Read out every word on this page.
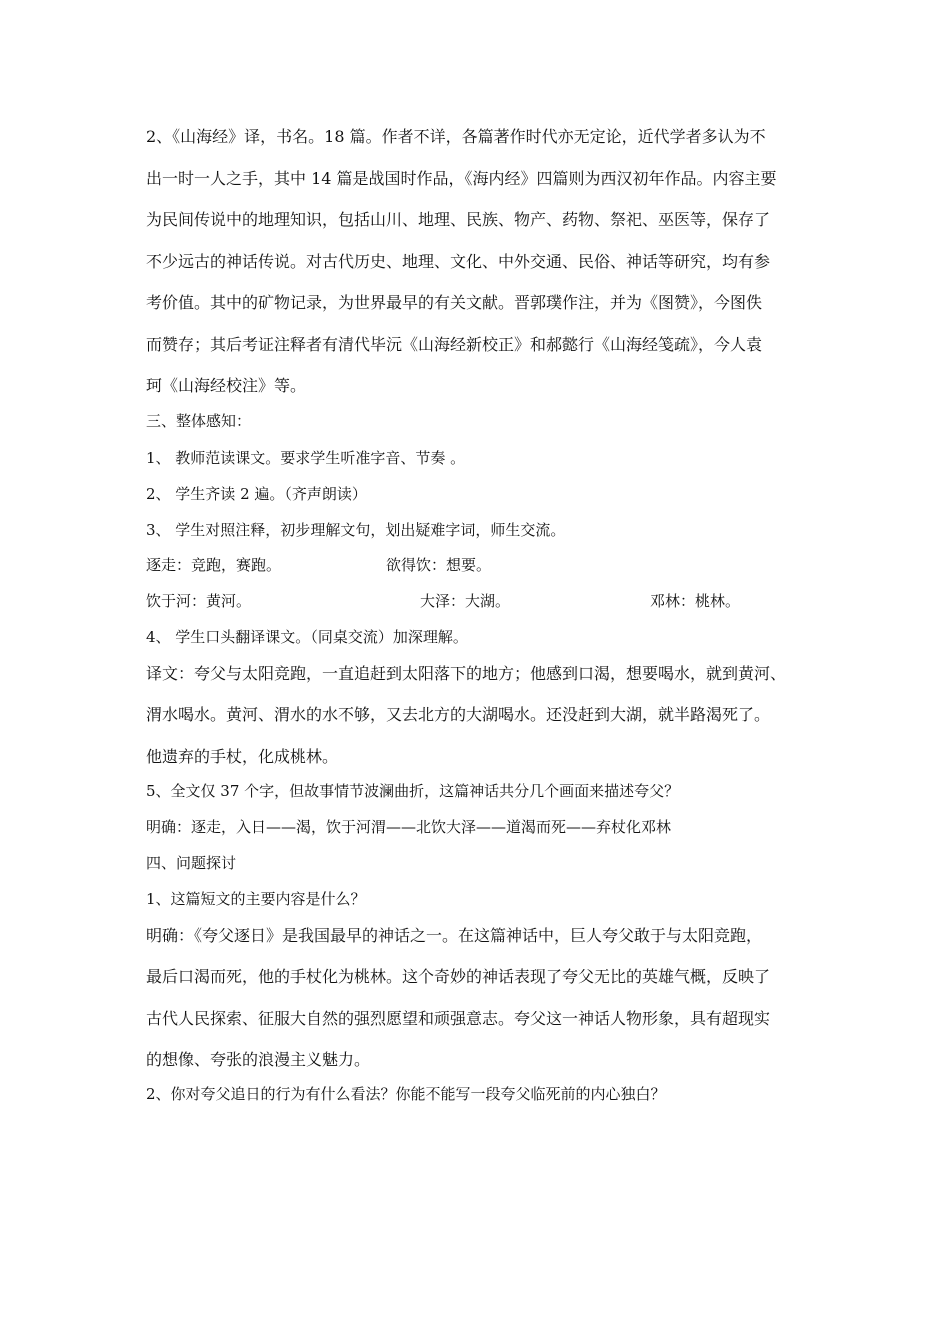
2、《山海经》译，书名。18 篇。作者不详，各篇著作时代亦无定论，近代学者多认为不
出一时一人之手，其中 14 篇是战国时作品，《海内经》四篇则为西汉初年作品。内容主要
为民间传说中的地理知识，包括山川、地理、民族、物产、药物、祭祀、巫医等，保存了
不少远古的神话传说。对古代历史、地理、文化、中外交通、民俗、神话等研究，均有参
考价值。其中的矿物记录，为世界最早的有关文献。晋郭璞作注，并为《图赞》，今图佚
而赞存；其后考证注释者有清代毕沅《山海经新校正》和郝懿行《山海经笺疏》，今人袁
珂《山海经校注》等。
三、整体感知：
1、 教师范读课文。要求学生听准字音、节奏 。
2、 学生齐读 2 遍。（齐声朗读）
3、 学生对照注释，初步理解文句，划出疑难字词，师生交流。
逐走：竞跑，赛跑。	欲得饮：想要。
饮于河：黄河。	大泽：大湖。	邓林：桃林。
4、 学生口头翻译课文。（同桌交流）加深理解。
译文：夸父与太阳竞跑，一直追赶到太阳落下的地方；他感到口渴，想要喝水，就到黄河、
渭水喝水。黄河、渭水的水不够，又去北方的大湖喝水。还没赶到大湖，就半路渴死了。
他遗弃的手杖，化成桃林。
5、全文仅 37 个字，但故事情节波澜曲折，这篇神话共分几个画面来描述夸父？
明确：逐走，入日——渴，饮于河渭——北饮大泽——道渴而死——弃杖化邓林
四、问题探讨
1、这篇短文的主要内容是什么？
明确：《夸父逐日》是我国最早的神话之一。在这篇神话中，巨人夸父敢于与太阳竞跑，
最后口渴而死，他的手杖化为桃林。这个奇妙的神话表现了夸父无比的英雄气概，反映了
古代人民探索、征服大自然的强烈愿望和顽强意志。夸父这一神话人物形象，具有超现实
的想像、夸张的浪漫主义魅力。
2、你对夸父追日的行为有什么看法？你能不能写一段夸父临死前的内心独白？
